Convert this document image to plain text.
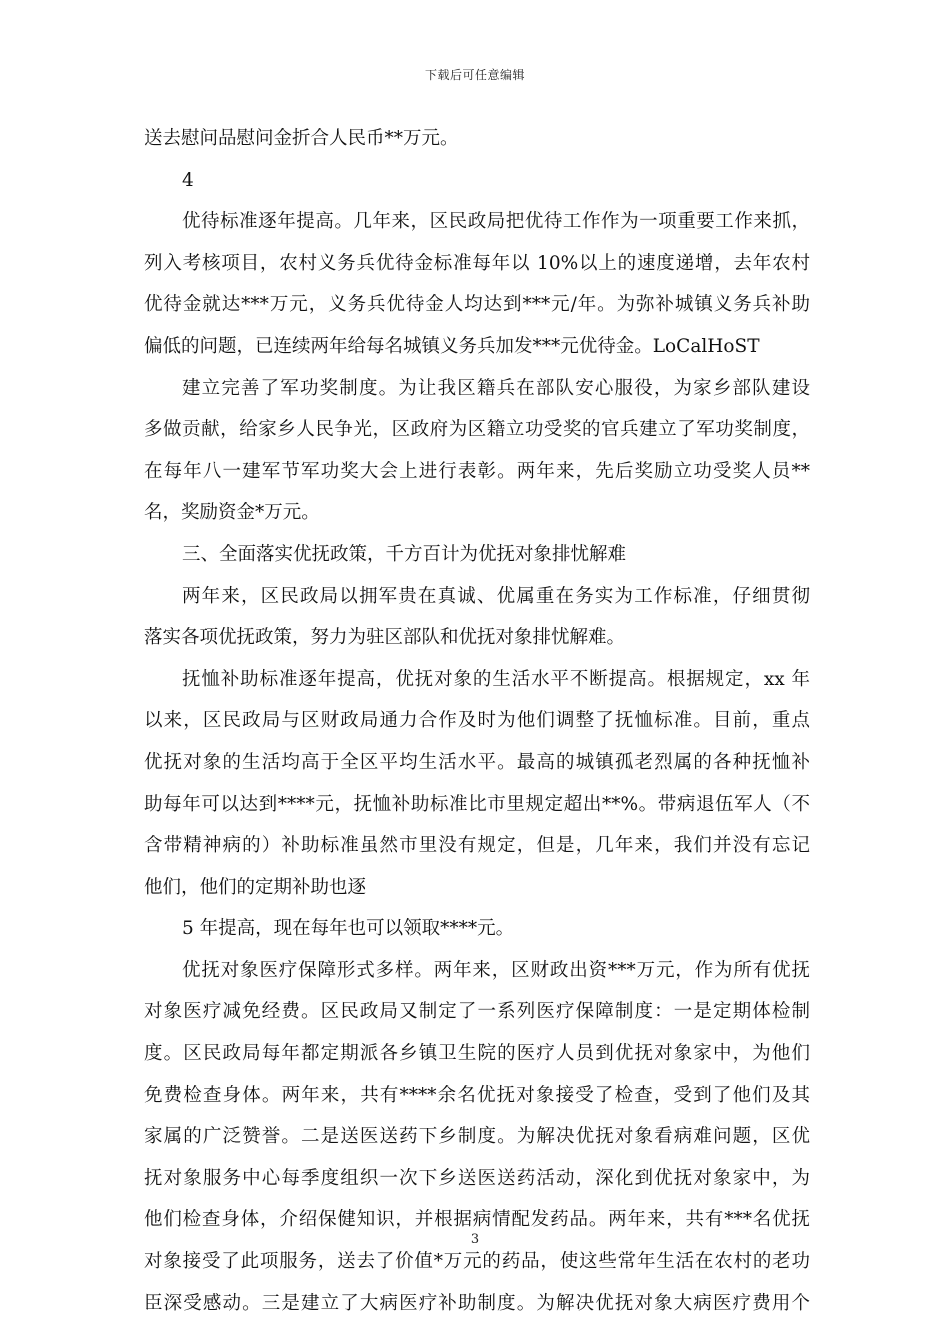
下载后可任意编辑
送去慰问品慰问金折合人民币**万元。
4
优待标准逐年提高。几年来，区民政局把优待工作作为一项重要工作来抓，
列入考核项目，农村义务兵优待金标准每年以 10%以上的速度递增，去年农村
优待金就达***万元，义务兵优待金人均达到***元/年。为弥补城镇义务兵补助
偏低的问题，已连续两年给每名城镇义务兵加发***元优待金。LoCalHoST
建立完善了军功奖制度。为让我区籍兵在部队安心服役，为家乡部队建设
多做贡献，给家乡人民争光，区政府为区籍立功受奖的官兵建立了军功奖制度，
在每年八一建军节军功奖大会上进行表彰。两年来，先后奖励立功受奖人员**
名，奖励资金*万元。
三、全面落实优抚政策，千方百计为优抚对象排忧解难
两年来，区民政局以拥军贵在真诚、优属重在务实为工作标准，仔细贯彻
落实各项优抚政策，努力为驻区部队和优抚对象排忧解难。
抚恤补助标准逐年提高，优抚对象的生活水平不断提高。根据规定，xx 年
以来，区民政局与区财政局通力合作及时为他们调整了抚恤标准。目前，重点
优抚对象的生活均高于全区平均生活水平。最高的城镇孤老烈属的各种抚恤补
助每年可以达到****元，抚恤补助标准比市里规定超出**%。带病退伍军人（不
含带精神病的）补助标准虽然市里没有规定，但是，几年来，我们并没有忘记
他们，他们的定期补助也逐
5 年提高，现在每年也可以领取****元。
优抚对象医疗保障形式多样。两年来，区财政出资***万元，作为所有优抚
对象医疗减免经费。区民政局又制定了一系列医疗保障制度：一是定期体检制
度。区民政局每年都定期派各乡镇卫生院的医疗人员到优抚对象家中，为他们
免费检查身体。两年来，共有****余名优抚对象接受了检查，受到了他们及其
家属的广泛赞誉。二是送医送药下乡制度。为解决优抚对象看病难问题，区优
抚对象服务中心每季度组织一次下乡送医送药活动，深化到优抚对象家中，为
他们检查身体，介绍保健知识，并根据病情配发药品。两年来，共有***名优抚
对象接受了此项服务，送去了价值*万元的药品，使这些常年生活在农村的老功
臣深受感动。三是建立了大病医疗补助制度。为解决优抚对象大病医疗费用个
3
